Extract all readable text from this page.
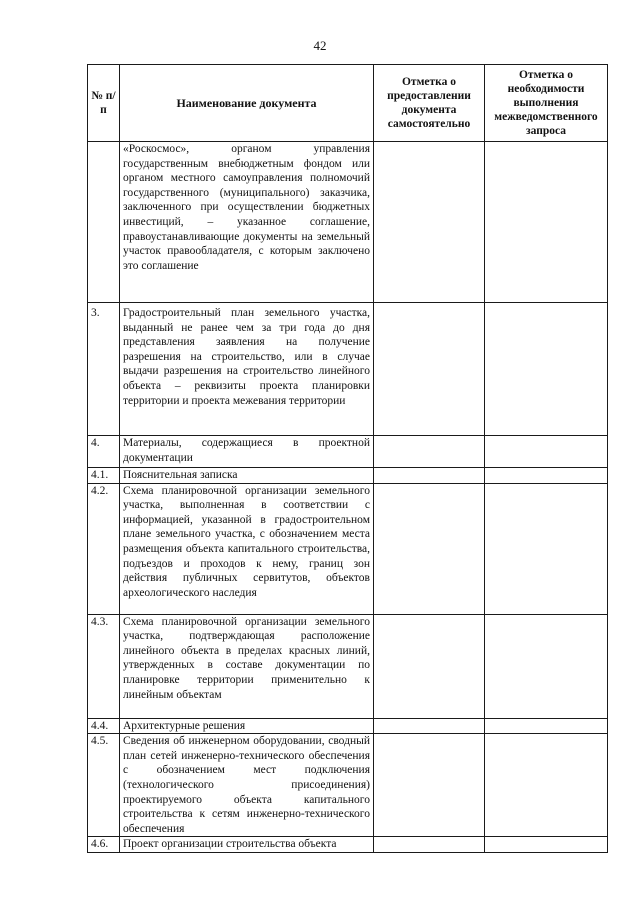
42
№ п/п	Наименование документа	Отметка о предоставлении документа самостоятельно	Отметка о необходимости выполнения межведомственного запроса
	«Роскосмос», органом управления государственным внебюджетным фондом или органом местного самоуправления полномочий государственного (муниципального) заказчика, заключенного при осуществлении бюджетных инвестиций, – указанное соглашение, правоустанавливающие документы на земельный участок правообладателя, с которым заключено это соглашение		
3.	Градостроительный план земельного участка, выданный не ранее чем за три года до дня представления заявления на получение разрешения на строительство, или в случае выдачи разрешения на строительство линейного объекта – реквизиты проекта планировки территории и проекта межевания территории		
4.	Материалы, содержащиеся в проектной документации		
4.1.	Пояснительная записка		
4.2.	Схема планировочной организации земельного участка, выполненная в соответствии с информацией, указанной в градостроительном плане земельного участка, с обозначением места размещения объекта капитального строительства, подъездов и проходов к нему, границ зон действия публичных сервитутов, объектов археологического наследия		
4.3.	Схема планировочной организации земельного участка, подтверждающая расположение линейного объекта в пределах красных линий, утвержденных в составе документации по планировке территории применительно к линейным объектам		
4.4.	Архитектурные решения		
4.5.	Сведения об инженерном оборудовании, сводный план сетей инженерно-технического обеспечения с обозначением мест подключения (технологического присоединения) проектируемого объекта капитального строительства к сетям инженерно-технического обеспечения		
4.6.	Проект организации строительства объекта		
